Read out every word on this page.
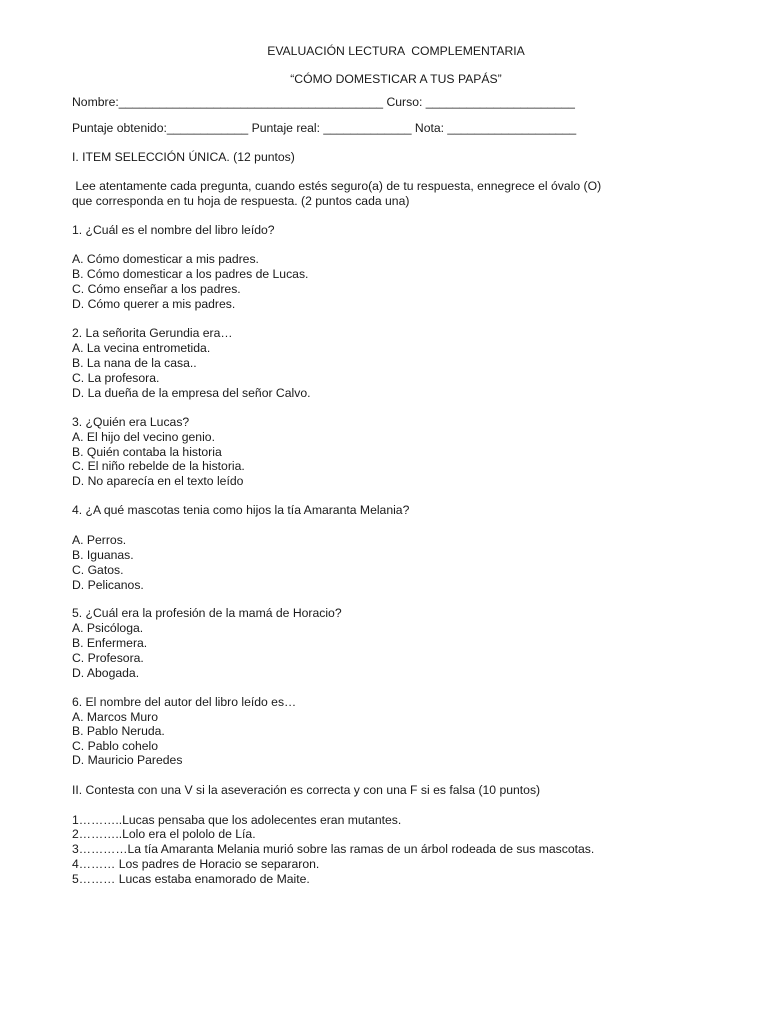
EVALUACIÓN LECTURA  COMPLEMENTARIA
“CÓMO DOMESTICAR A TUS PAPÁS”
Nombre:_______________________________________ Curso: ______________________
Puntaje obtenido:____________ Puntaje real: _____________ Nota: ___________________
I. ITEM SELECCIÓN ÚNICA. (12 puntos)
Lee atentamente cada pregunta, cuando estés seguro(a) de tu respuesta, ennegrece el óvalo (O)
que corresponda en tu hoja de respuesta. (2 puntos cada una)
1. ¿Cuál es el nombre del libro leído?
A. Cómo domesticar a mis padres.
B. Cómo domesticar a los padres de Lucas.
C. Cómo enseñar a los padres.
D. Cómo querer a mis padres.
2. La señorita Gerundia era…
A. La vecina entrometida.
B. La nana de la casa..
C. La profesora.
D. La dueña de la empresa del señor Calvo.
3. ¿Quién era Lucas?
A. El hijo del vecino genio.
B. Quién contaba la historia
C. El niño rebelde de la historia.
D. No aparecía en el texto leído
4. ¿A qué mascotas tenia como hijos la tía Amaranta Melania?
A. Perros.
B. Iguanas.
C. Gatos.
D. Pelicanos.
5. ¿Cuál era la profesión de la mamá de Horacio?
A. Psicóloga.
B. Enfermera.
C. Profesora.
D. Abogada.
6. El nombre del autor del libro leído es…
A. Marcos Muro
B. Pablo Neruda.
C. Pablo cohelo
D. Mauricio Paredes
II. Contesta con una V si la aseveración es correcta y con una F si es falsa (10 puntos)
1………..Lucas pensaba que los adolecentes eran mutantes.
2………..Lolo era el pololo de Lía.
3…………La tía Amaranta Melania murió sobre las ramas de un árbol rodeada de sus mascotas.
4……… Los padres de Horacio se separaron.
5……… Lucas estaba enamorado de Maite.
